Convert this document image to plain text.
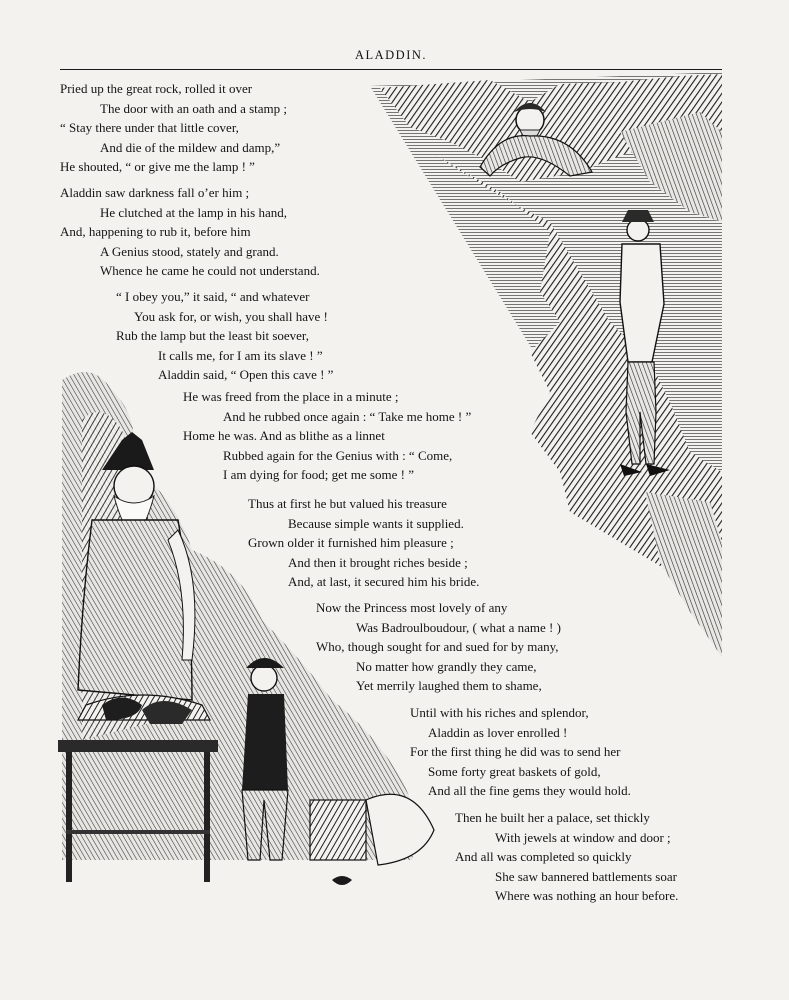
ALADDIN.
Pried up the great rock, rolled it over
The door with an oath and a stamp ;
“ Stay there under that little cover,
And die of the mildew and damp,”
He shouted, “ or give me the lamp ! ”
Aladdin saw darkness fall o’er him ;
He clutched at the lamp in his hand,
And, happening to rub it, before him
A Genius stood, stately and grand.
Whence he came he could not understand.
“ I obey you,” it said, “ and whatever
You ask for, or wish, you shall have !
Rub the lamp but the least bit soever,
It calls me, for I am its slave ! ”
Aladdin said, “ Open this cave ! ”
He was freed from the place in a minute ;
And he rubbed once again : “ Take me home ! ”
Home he was. And as blithe as a linnet
Rubbed again for the Genius with : “ Come,
I am dying for food; get me some ! ”
Thus at first he but valued his treasure
Because simple wants it supplied.
Grown older it furnished him pleasure ;
And then it brought riches beside ;
And, at last, it secured him his bride.
Now the Princess most lovely of any
Was Badroulboudour, ( what a name ! )
Who, though sought for and sued for by many,
No matter how grandly they came,
Yet merrily laughed them to shame,
Until with his riches and splendor,
Aladdin as lover enrolled !
For the first thing he did was to send her
Some forty great baskets of gold,
And all the fine gems they would hold.
Then he built her a palace, set thickly
With jewels at window and door ;
And all was completed so quickly
She saw bannered battlements soar
Where was nothing an hour before.
